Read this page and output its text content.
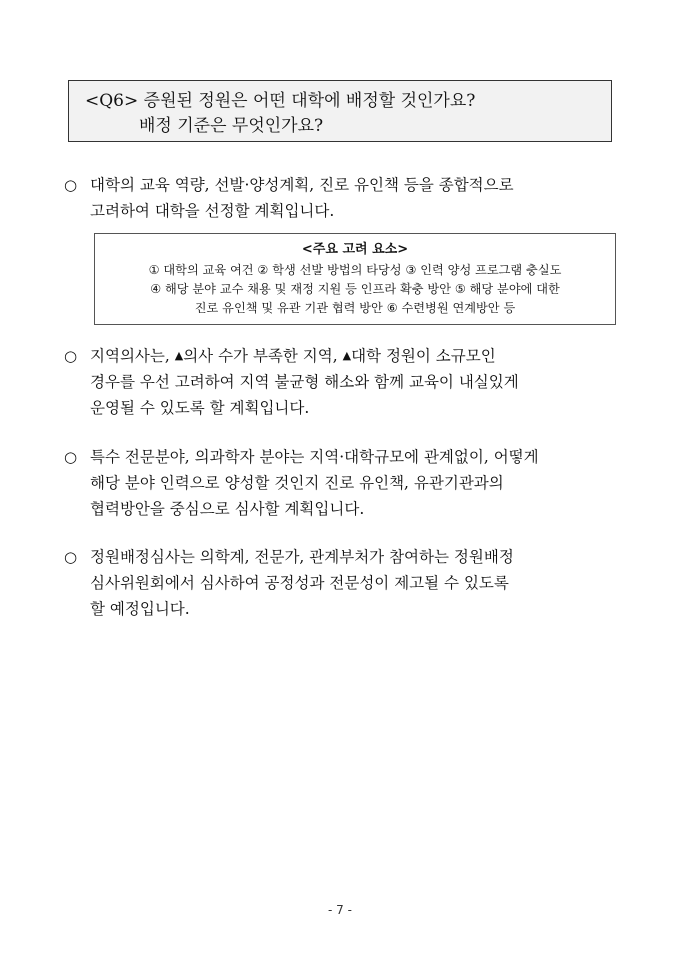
<Q6> 증원된 정원은 어떤 대학에 배정할 것인가요?
배정 기준은 무엇인가요?
○ 대학의 교육 역량, 선발·양성계획, 진로 유인책 등을 종합적으로
고려하여 대학을 선정할 계획입니다.
<주요 고려 요소>
① 대학의 교육 여건 ② 학생 선발 방법의 타당성 ③ 인력 양성 프로그램 충실도
④ 해당 분야 교수 채용 및 재정 지원 등 인프라 확충 방안 ⑤ 해당 분야에 대한
진로 유인책 및 유관 기관 협력 방안 ⑥ 수련병원 연계방안 등
○ 지역의사는, ▲의사 수가 부족한 지역, ▲대학 정원이 소규모인
경우를 우선 고려하여 지역 불균형 해소와 함께 교육이 내실있게
운영될 수 있도록 할 계획입니다.
○ 특수 전문분야, 의과학자 분야는 지역·대학규모에 관계없이, 어떻게
해당 분야 인력으로 양성할 것인지 진로 유인책, 유관기관과의
협력방안을 중심으로 심사할 계획입니다.
○ 정원배정심사는 의학계, 전문가, 관계부처가 참여하는 정원배정
심사위원회에서 심사하여 공정성과 전문성이 제고될 수 있도록
할 예정입니다.
- 7 -
